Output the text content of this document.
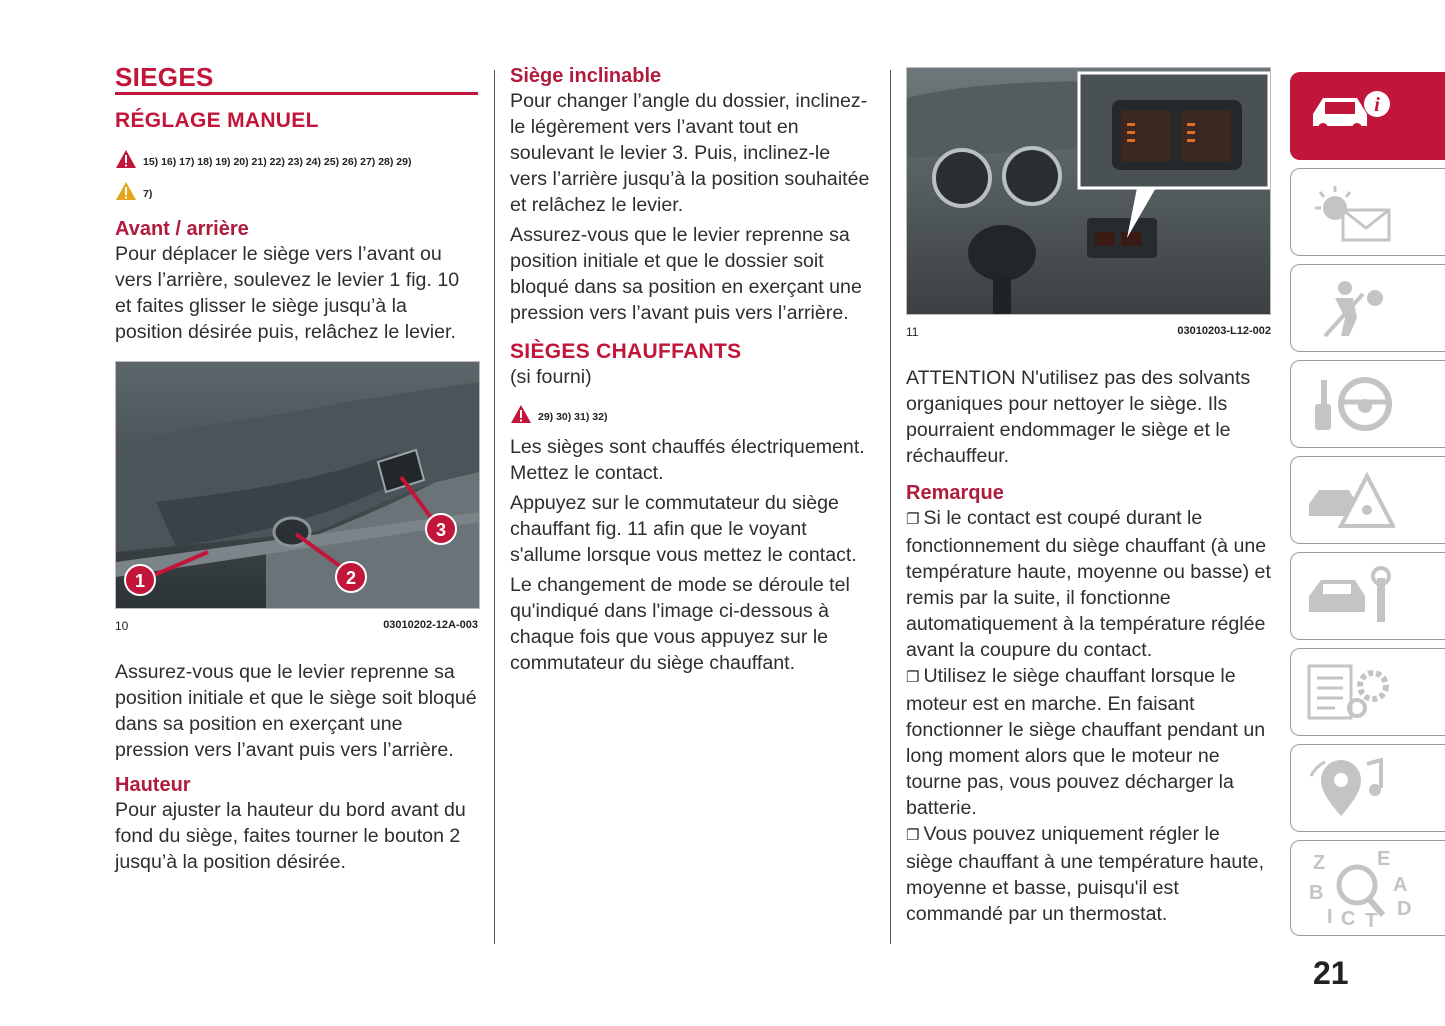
SIEGES
RÉGLAGE MANUEL
15) 16) 17) 18) 19) 20) 21) 22) 23) 24) 25) 26) 27) 28) 29)
7)
Avant / arrière

Pour déplacer le siège vers l’avant ou vers l’arrière, soulevez le levier 1 fig. 10 et faites glisser le siège jusqu’à la position désirée puis, relâchez le levier.

1	2
3
10	03010202-12A-003

Assurez-vous que le levier reprenne sa position initiale et que le siège soit bloqué dans sa position en exerçant une pression vers l’avant puis vers l’arrière.

Hauteur

Pour ajuster la hauteur du bord avant du fond du siège, faites tourner le bouton 2 jusqu’à la position désirée.

Siège inclinable

Pour changer l’angle du dossier, inclinez-le légèrement vers l’avant tout en soulevant le levier 3. Puis, inclinez-le vers l’arrière jusqu’à la position souhaitée et relâchez le levier.

Assurez-vous que le levier reprenne sa position initiale et que le dossier soit bloqué dans sa position en exerçant une pression vers l’avant puis vers l’arrière.

SIÈGES CHAUFFANTS

(si fourni)

29) 30) 31) 32)

Les sièges sont chauffés électriquement. Mettez le contact.

Appuyez sur le commutateur du siège chauffant fig. 11 afin que le voyant s'allume lorsque vous mettez le contact.

Le changement de mode se déroule tel qu'indiqué dans l'image ci-dessous à chaque fois que vous appuyez sur le commutateur du siège chauffant.

11	03010203-L12-002

ATTENTION N'utilisez pas des solvants organiques pour nettoyer le siège. Ils pourraient endommager le siège et le réchauffeur.

Remarque

❐ Si le contact est coupé durant le fonctionnement du siège chauffant (à une température haute, moyenne ou basse) et remis par la suite, il fonctionne automatiquement à la température réglée avant la coupure du contact.

❐ Utilisez le siège chauffant lorsque le moteur est en marche. En faisant fonctionner le siège chauffant pendant un long moment alors que le moteur ne tourne pas, vous pouvez décharger la batterie.

❐ Vous pouvez uniquement régler le siège chauffant à une température haute, moyenne et basse, puisqu'il est commandé par un thermostat.

i
Z	E
A
B
C T
D
I
21
